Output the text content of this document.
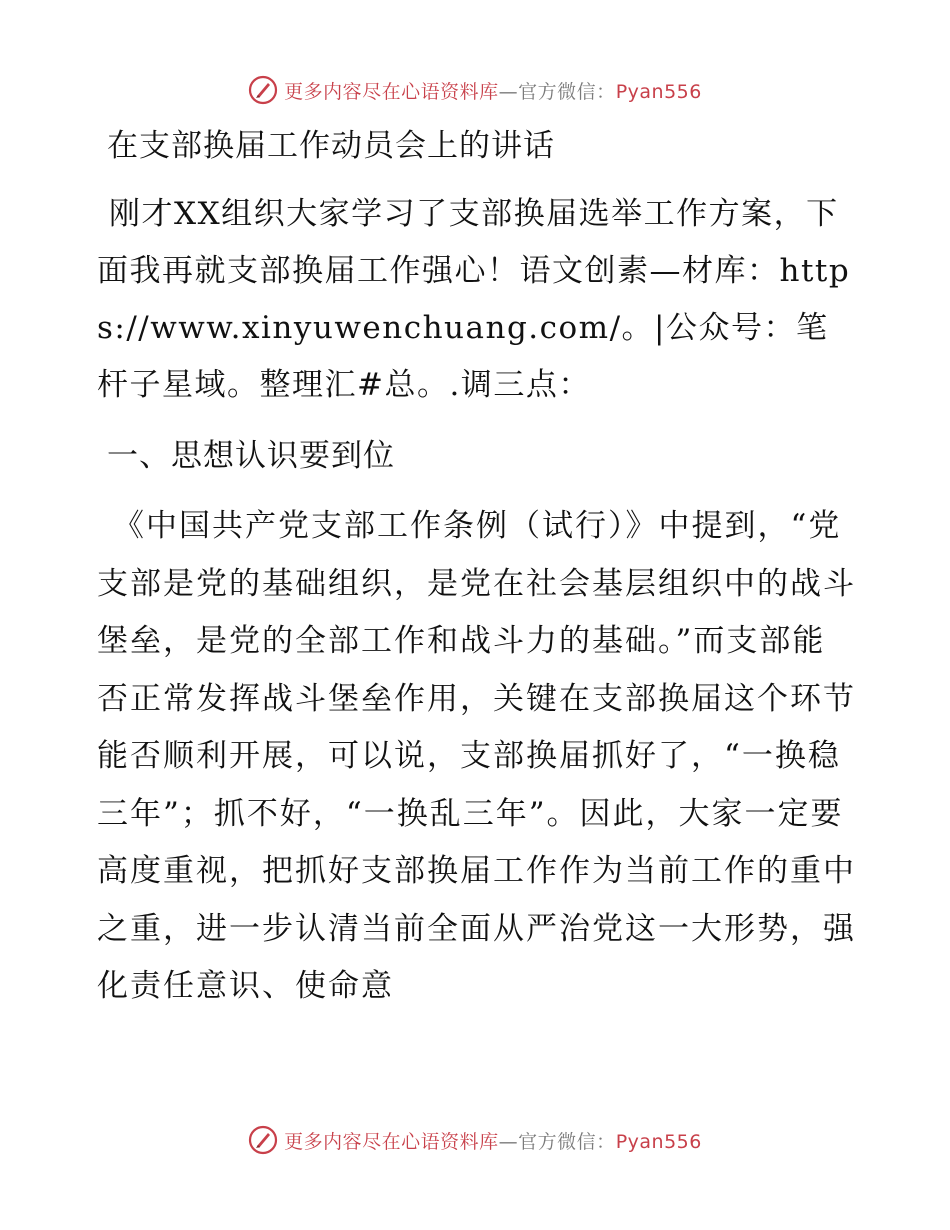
更多内容尽在心语资料库—官方微信：Pyan556
在支部换届工作动员会上的讲话

刚才XX组织大家学习了支部换届选举工作方案，下面我再就支部换届工作强心！语文创素—材库：https://www.xinyuwenchuang.com/。|公众号：笔杆子星域。整理汇#总。.调三点：

一、思想认识要到位

《中国共产党支部工作条例（试行）》中提到，“党支部是党的基础组织，是党在社会基层组织中的战斗堡垒，是党的全部工作和战斗力的基础。”而支部能否正常发挥战斗堡垒作用，关键在支部换届这个环节能否顺利开展，可以说，支部换届抓好了，“一换稳三年”；抓不好，“一换乱三年”。因此，大家一定要高度重视，把抓好支部换届工作作为当前工作的重中之重，进一步认清当前全面从严治党这一大形势，强化责任意识、使命意

更多内容尽在心语资料库—官方微信：Pyan556
